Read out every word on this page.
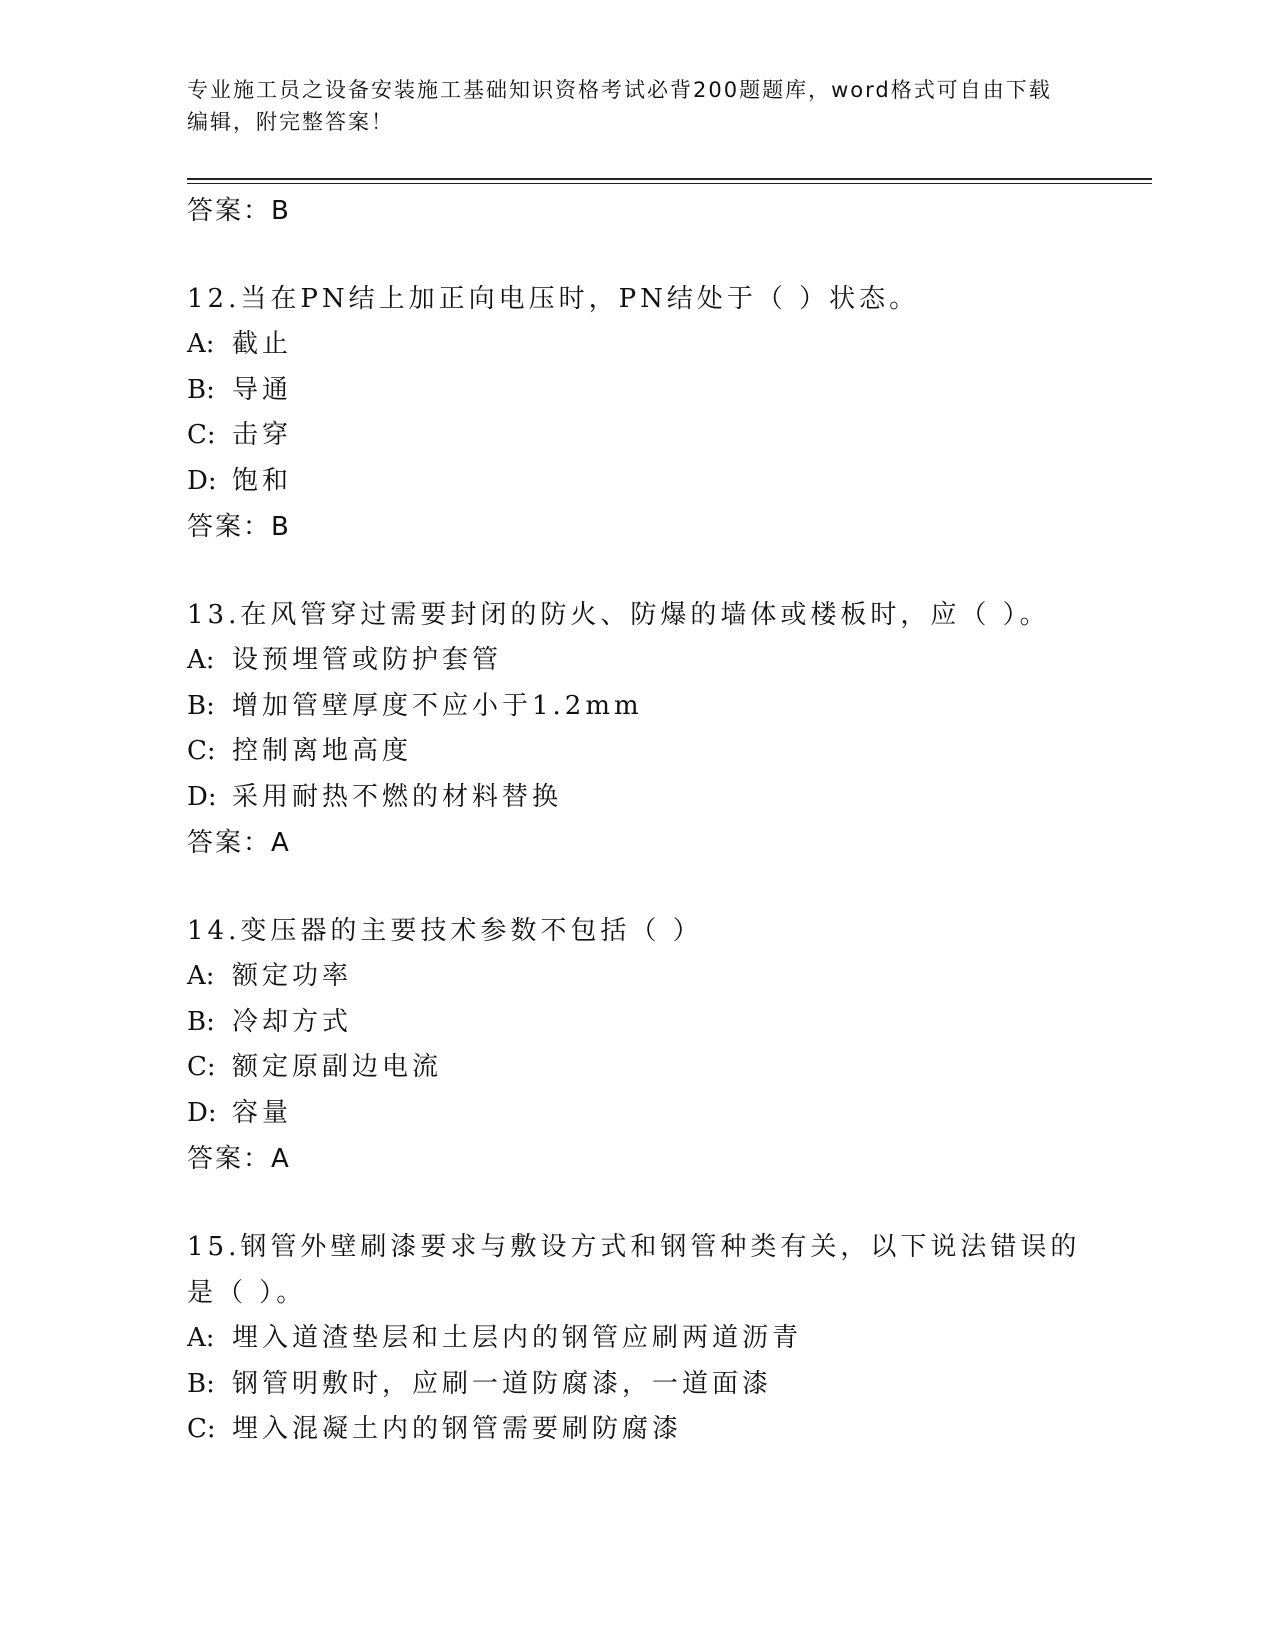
专业施工员之设备安装施工基础知识资格考试必背200题题库，word格式可自由下载编辑，附完整答案！

答案：B

12.当在PN结上加正向电压时，PN结处于（ ）状态。

A: 截止

B: 导通

C: 击穿

D: 饱和

答案：B

13.在风管穿过需要封闭的防火、防爆的墙体或楼板时，应（ ）。

A: 设预埋管或防护套管

B: 增加管壁厚度不应小于1.2mm

C: 控制离地高度

D: 采用耐热不燃的材料替换

答案：A

14.变压器的主要技术参数不包括（ ）

A: 额定功率

B: 冷却方式

C: 额定原副边电流

D: 容量

答案：A

15.钢管外壁刷漆要求与敷设方式和钢管种类有关，以下说法错误的是（ ）。

A: 埋入道渣垫层和土层内的钢管应刷两道沥青

B: 钢管明敷时，应刷一道防腐漆，一道面漆

C: 埋入混凝土内的钢管需要刷防腐漆
